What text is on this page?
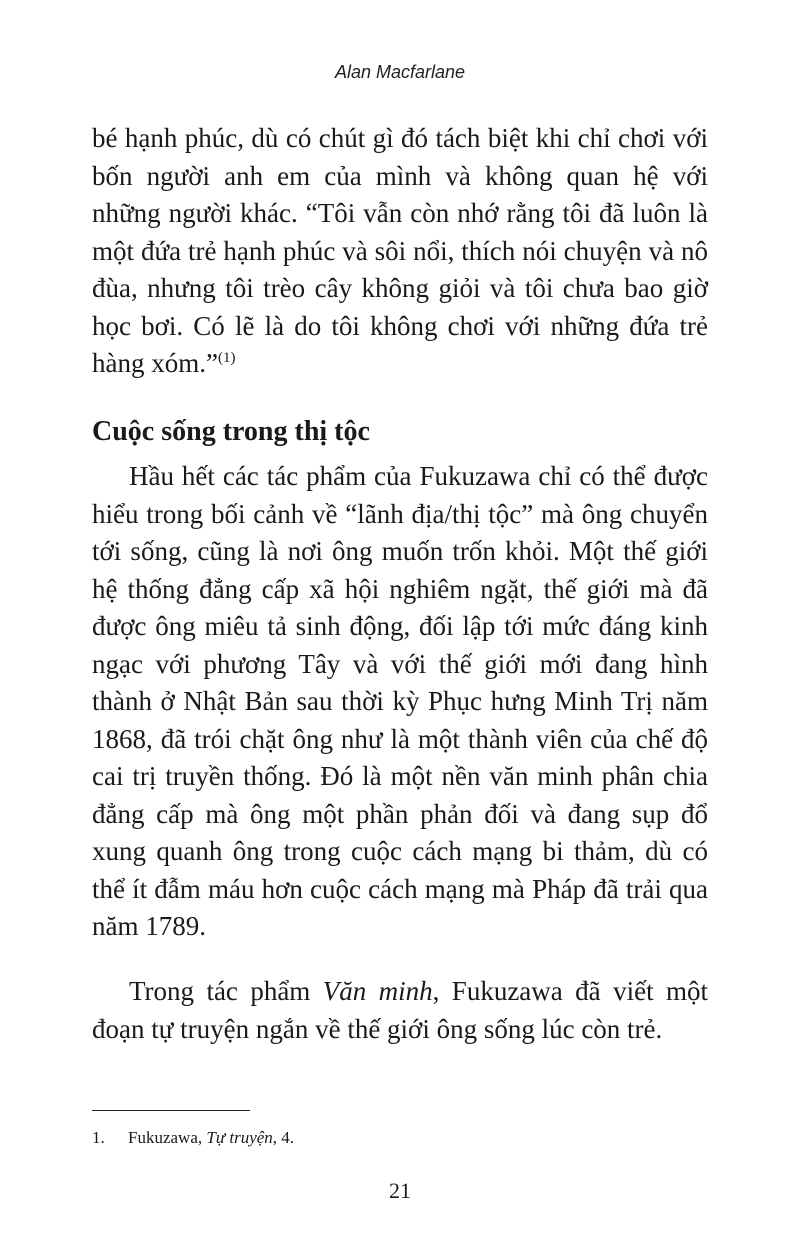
Alan Macfarlane

bé hạnh phúc, dù có chút gì đó tách biệt khi chỉ chơi với bốn người anh em của mình và không quan hệ với những người khác. “Tôi vẫn còn nhớ rằng tôi đã luôn là một đứa trẻ hạnh phúc và sôi nổi, thích nói chuyện và nô đùa, nhưng tôi trèo cây không giỏi và tôi chưa bao giờ học bơi. Có lẽ là do tôi không chơi với những đứa trẻ hàng xóm.”$^{(1)}$

Cuộc sống trong thị tộc

Hầu hết các tác phẩm của Fukuzawa chỉ có thể được hiểu trong bối cảnh về “lãnh địa/thị tộc” mà ông chuyển tới sống, cũng là nơi ông muốn trốn khỏi. Một thế giới hệ thống đẳng cấp xã hội nghiêm ngặt, thế giới mà đã được ông miêu tả sinh động, đối lập tới mức đáng kinh ngạc với phương Tây và với thế giới mới đang hình thành ở Nhật Bản sau thời kỳ Phục hưng Minh Trị năm 1868, đã trói chặt ông như là một thành viên của chế độ cai trị truyền thống. Đó là một nền văn minh phân chia đẳng cấp mà ông một phần phản đối và đang sụp đổ xung quanh ông trong cuộc cách mạng bi thảm, dù có thể ít đẫm máu hơn cuộc cách mạng mà Pháp đã trải qua năm 1789.

Trong tác phẩm Văn minh, Fukuzawa đã viết một đoạn tự truyện ngắn về thế giới ông sống lúc còn trẻ.

1. Fukuzawa, Tự truyện, 4.
21
